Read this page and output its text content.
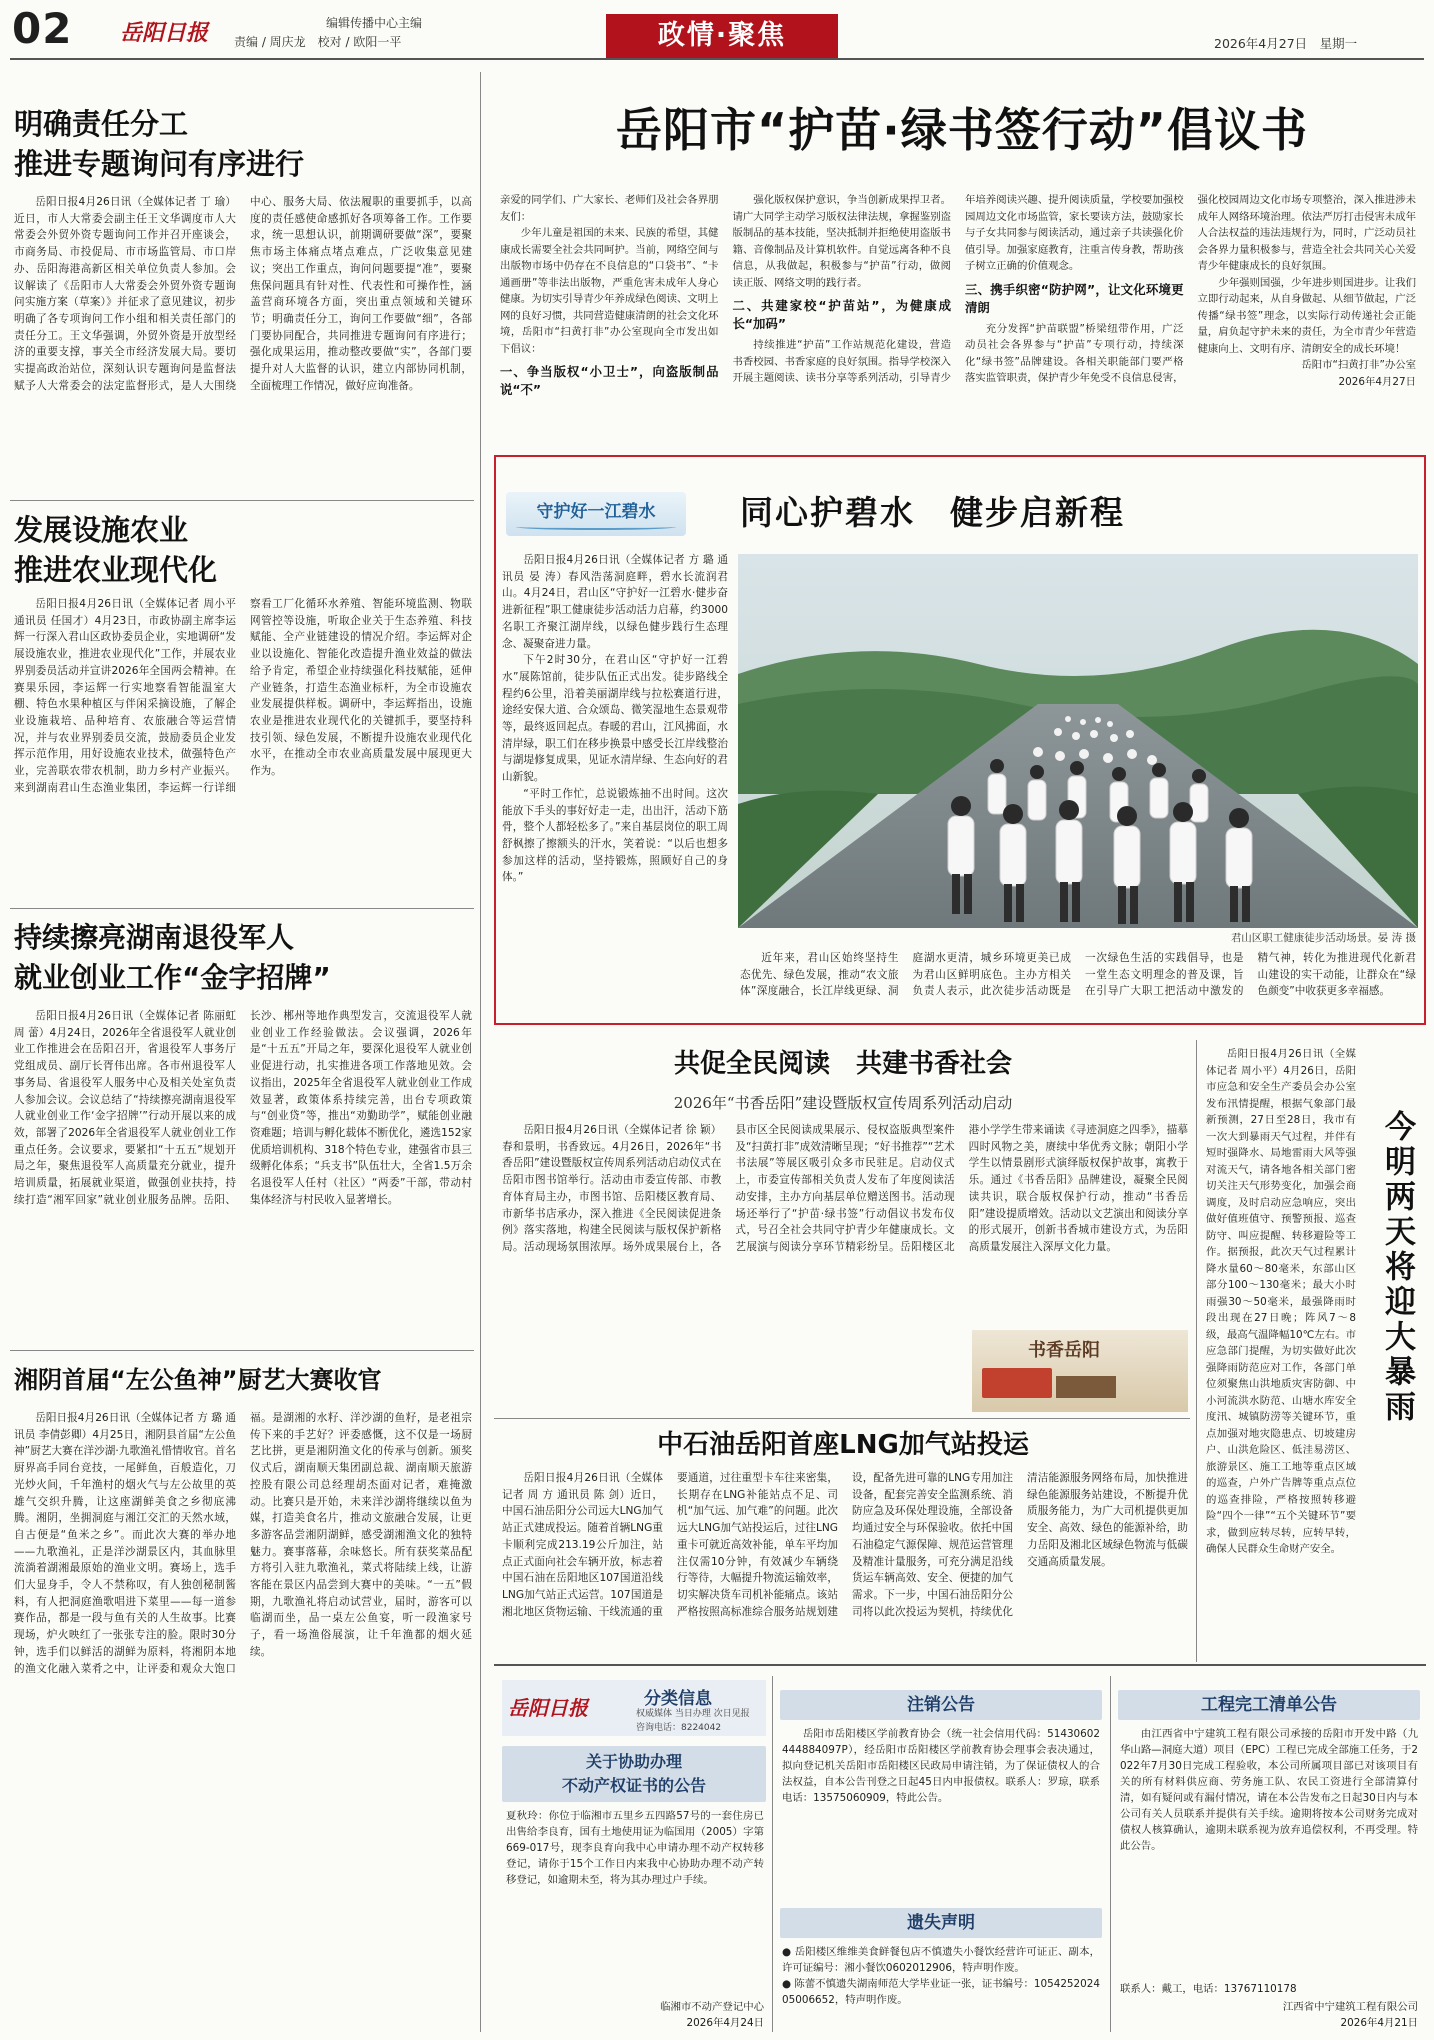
02 岳阳日报	编辑传播中心主编
责编 / 周庆龙　校对 / 欧阳一平	政情·聚焦	2026年4月27日　星期一
明确责任分工
推进专题询问有序进行

岳阳日报4月26日讯（全媒体记者 丁 瑜）近日，市人大常委会副主任王文华调度市人大常委会外贸外资专题询问工作并召开座谈会，市商务局、市投促局、市市场监管局、市口岸办、岳阳海港高新区相关单位负责人参加。会议解读了《岳阳市人大常委会外贸外资专题询问实施方案（草案）》并征求了意见建议，初步明确了各专项询问工作小组和相关责任部门的责任分工。王文华强调，外贸外资是开放型经济的重要支撑，事关全市经济发展大局。要切实提高政治站位，深刻认识专题询问是监督法赋予人大常委会的法定监督形式，是人大围绕中心、服务大局、依法履职的重要抓手，以高度的责任感使命感抓好各项筹备工作。工作要求，统一思想认识，前期调研要做“深”，要聚焦市场主体痛点堵点难点，广泛收集意见建议；突出工作重点，询问问题要提“准”，要聚焦保问题具有针对性、代表性和可操作性，涵盖营商环境各方面，突出重点领域和关键环节；明确责任分工，询问工作要做“细”，各部门要协同配合，共同推进专题询问有序进行；强化成果运用，推动整改要做“实”，各部门要提升对人大监督的认识，建立内部协同机制，全面梳理工作情况，做好应询准备。

发展设施农业
推进农业现代化

岳阳日报4月26日讯（全媒体记者 周小平 通讯员 任国才）4月23日，市政协副主席李运辉一行深入君山区政协委员企业，实地调研“发展设施农业，推进农业现代化”工作，并展农业界别委员活动并宣讲2026年全国两会精神。在赛果乐园，李运辉一行实地察看智能温室大棚、特色水果种植区与伴闲采摘设施，了解企业设施栽培、品种培育、农旅融合等运营情况，并与农业界别委员交流，鼓励委员企业发挥示范作用，用好设施农业技术，做强特色产业，完善联农带农机制，助力乡村产业振兴。来到湖南君山生态渔业集团，李运辉一行详细察看工厂化循环水养殖、智能环境监测、物联网管控等设施，听取企业关于生态养殖、科技赋能、全产业链建设的情况介绍。李运辉对企业以设施化、智能化改造提升渔业效益的做法给予肯定，希望企业持续强化科技赋能，延伸产业链条，打造生态渔业标杆，为全市设施农业发展提供样板。调研中，李运辉指出，设施农业是推进农业现代化的关键抓手，要坚持科技引领、绿色发展，不断提升设施农业现代化水平，在推动全市农业高质量发展中展现更大作为。

持续擦亮湖南退役军人
就业创业工作“金字招牌”

岳阳日报4月26日讯（全媒体记者 陈丽虹 周 蕾）4月24日，2026年全省退役军人就业创业工作推进会在岳阳召开，省退役军人事务厅党组成员、副厅长胥伟出席。各市州退役军人事务局、省退役军人服务中心及相关处室负责人参加会议。会议总结了“持续擦亮湖南退役军人就业创业工作‘金字招牌’”行动开展以来的成效，部署了2026年全省退役军人就业创业工作重点任务。会议要求，要紧扣“十五五”规划开局之年，聚焦退役军人高质量充分就业，提升培训质量，拓展就业渠道，做强创业扶持，持续打造“湘军回家”就业创业服务品牌。岳阳、长沙、郴州等地作典型发言，交流退役军人就业创业工作经验做法。会议强调，2026年是“十五五”开局之年，要深化退役军人就业创业促进行动，扎实推进各项工作落地见效。会议指出，2025年全省退役军人就业创业工作成效显著，政策体系持续完善，出台专项政策与“创业贷”等，推出“劝勤助学”，赋能创业融资难题；培训与孵化载体不断优化，遴选152家优质培训机构、318个特色专业，建强省市县三级孵化体系；“兵支书”队伍壮大，全省1.5万余名退役军人任村（社区）“两委”干部，带动村集体经济与村民收入显著增长。

湘阴首届“左公鱼神”厨艺大赛收官

岳阳日报4月26日讯（全媒体记者 方 璐 通讯员 李倩彭卿）4月25日，湘阴县首届“左公鱼神”厨艺大赛在洋沙湖·九歌渔礼惜情收官。首名厨界高手同台竞技，一尾鲜鱼，百般造化，刀光炒火间，千年渔村的烟火气与左公故里的英雄气交织升腾，让这座湖鲜美食之乡彻底沸腾。湘阴，坐拥洞庭与湘江交汇的天然水域，自古便是“鱼米之乡”。而此次大赛的举办地——九歌渔礼，正是洋沙湖景区内，其血脉里流淌着湖湘最原始的渔业文明。赛场上，选手们大显身手，令人不禁称叹，有人独创秘制酱料，有人把洞庭渔歌唱进下菜里——每一道参赛作品，都是一段与鱼有关的人生故事。比赛现场，炉火映红了一张张专注的脸。限时30分钟，选手们以鲜活的湖鲜为原料，将湘阴本地的渔文化融入菜肴之中，让评委和观众大饱口福。是湖湘的水籽、洋沙湖的鱼籽，是老祖宗传下来的手艺好？评委感慨，这不仅是一场厨艺比拼，更是湘阴渔文化的传承与创新。颁奖仪式后，湖南顺天集团副总裁、湖南顺天旅游控股有限公司总经理胡杰面对记者，难掩激动。比赛只是开始，未来洋沙湖将继续以鱼为媒，打造美食名片，推动文旅融合发展，让更多游客品尝湘阴湖鲜，感受湖湘渔文化的独特魅力。赛事落幕，余味悠长。所有获奖菜品配方将引入驻九歌渔礼，菜式将陆续上线，让游客能在景区内品尝到大赛中的美味。“一五”假期，九歌渔礼将启动试营业，届时，游客可以临湖而坐，品一桌左公鱼宴，听一段渔家号子，看一场渔俗展演，让千年渔都的烟火延续。

岳阳市“护苗·绿书签行动”倡议书

亲爱的同学们、广大家长、老师们及社会各界朋友们：

少年儿童是祖国的未来、民族的希望，其健康成长需要全社会共同呵护。当前，网络空间与出版物市场中仍存在不良信息的“口袋书”、“卡通画册”等非法出版物，严重危害未成年人身心健康。为切实引导青少年养成绿色阅读、文明上网的良好习惯，共同营造健康清朗的社会文化环境，岳阳市“扫黄打非”办公室现向全市发出如下倡议：

一、争当版权“小卫士”，向盗版制品说“不”

强化版权保护意识，争当创新成果捍卫者。请广大同学主动学习版权法律法规，拿握鉴别盗版制品的基本技能，坚决抵制并拒绝使用盗版书籍、音像制品及计算机软件。自觉远离各种不良信息，从我做起，积极参与“护苗”行动，做阅读正版、网络文明的践行者。

二、共建家校“护苗站”，为健康成长“加码”

持续推进“护苗”工作站规范化建设，营造书香校园、书香家庭的良好氛围。指导学校深入开展主题阅读、读书分享等系列活动，引导青少年培养阅读兴趣、提升阅读质量，学校要加强校园周边文化市场监管，家长要读方法，鼓励家长与子女共同参与阅读活动，通过亲子共读强化价值引导。加强家庭教育，注重言传身教，帮助孩子树立正确的价值观念。

三、携手织密“防护网”，让文化环境更清朗

充分发挥“护苗联盟”桥梁纽带作用，广泛动员社会各界参与“护苗”专项行动，持续深化“绿书签”品牌建设。各相关职能部门要严格落实监管职责，保护青少年免受不良信息侵害，强化校园周边文化市场专项整治，深入推进涉未成年人网络环境治理。依法严厉打击侵害未成年人合法权益的违法违规行为，同时，广泛动员社会各界力量积极参与，营造全社会共同关心关爱青少年健康成长的良好氛围。

少年强则国强，少年进步则国进步。让我们立即行动起来，从自身做起、从细节做起，广泛传播“绿书签”理念，以实际行动传递社会正能量，肩负起守护未来的责任，为全市青少年营造健康向上、文明有序、清朗安全的成长环境！

岳阳市“扫黄打非”办公室
2026年4月27日
守护好一江碧水	同心护碧水　健步启新程

岳阳日报4月26日讯（全媒体记者 方 璐 通讯员 晏 涛）春风浩荡洞庭畔，碧水长流润君山。4月24日，君山区“守护好一江碧水·健步奋进新征程”职工健康徒步活动活力启幕，约3000名职工齐聚江湖岸线，以绿色健步践行生态理念、凝聚奋进力量。

下午2时30分，在君山区“守护好一江碧水”展陈馆前，徒步队伍正式出发。徒步路线全程约6公里，沿着美丽湖岸线与拉松赛道行进，途经安保大道、合众颂岛、微笑湿地生态景观带等，最终返回起点。春暖的君山，江风拂面，水清岸绿，职工们在移步换景中感受长江岸线整治与湖堤修复成果，见证水清岸绿、生态向好的君山新貌。

“平时工作忙，总说锻炼抽不出时间。这次能放下手头的事好好走一走，出出汗，活动下筋骨，整个人都轻松多了。”来自基层岗位的职工周舒枫擦了擦额头的汗水，笑着说：“以后也想多参加这样的活动，坚持锻炼，照顾好自己的身体。”

君山区职工健康徒步活动场景。晏 涛 摄

近年来，君山区始终坚持生态优先、绿色发展，推动“农文旅体”深度融合，长江岸线更绿、洞庭湖水更清，城乡环境更美已成为君山区鲜明底色。主办方相关负责人表示，此次徒步活动既是一次绿色生活的实践倡导，也是一堂生态文明理念的普及课，旨在引导广大职工把活动中激发的精气神，转化为推进现代化新君山建设的实干动能，让群众在“绿色颜变”中收获更多幸福感。

共促全民阅读　共建书香社会
2026年“书香岳阳”建设暨版权宣传周系列活动启动

岳阳日报4月26日讯（全媒体记者 徐 颖）春和景明，书香致远。4月26日，2026年“书香岳阳”建设暨版权宣传周系列活动启动仪式在岳阳市图书馆举行。活动由市委宣传部、市教育体育局主办，市图书馆、岳阳楼区教育局、市新华书店承办，深入推进《全民阅读促进条例》落实落地，构建全民阅读与版权保护新格局。活动现场氛围浓厚。场外成果展台上，各县市区全民阅读成果展示、侵权盗版典型案件及“扫黄打非”成效清晰呈现；“好书推荐”“艺术书法展”等展区吸引众多市民驻足。启动仪式上，市委宣传部相关负责人发布了年度阅读活动安排，主办方向基层单位赠送图书。活动现场还举行了“护苗·绿书签”行动倡议书发布仪式，号召全社会共同守护青少年健康成长。文艺展演与阅读分享环节精彩纷呈。岳阳楼区北港小学学生带来诵读《寻迹洞庭之四季》，描摹四时风物之美，赓续中华优秀文脉；朝阳小学学生以情景剧形式演绎版权保护故事，寓教于乐。通过《书香岳阳》品牌建设，凝聚全民阅读共识，联合版权保护行动，推动“书香岳阳”建设提质增效。活动以文艺演出和阅读分享的形式展开，创新书香城市建设方式，为岳阳高质量发展注入深厚文化力量。

书香岳阳

岳阳日报4月26日讯（全媒体记者 周小平）4月26日，岳阳市应急和安全生产委员会办公室发布汛情提醒，根据气象部门最新预测，27日至28日，我市有一次大到暴雨天气过程，并伴有短时强降水、局地雷雨大风等强对流天气，请各地各相关部门密切关注天气形势变化，加强会商调度，及时启动应急响应，突出做好值班值守、预警预报、巡查防守、叫应提醒、转移避险等工作。据预报，此次天气过程累计降水量60～80毫米，东部山区部分100～130毫米；最大小时雨强30～50毫米，最强降雨时段出现在27日晚；阵风7～8级，最高气温降幅10℃左右。市应急部门提醒，为切实做好此次强降雨防范应对工作，各部门单位须聚焦山洪地质灾害防御、中小河流洪水防范、山塘水库安全度汛、城镇防涝等关键环节，重点加强对地灾隐患点、切坡建房户、山洪危险区、低洼易涝区、旅游景区、施工工地等重点区域的巡查，户外广告牌等重点点位的巡查排险，严格按照转移避险“四个一律”“五个关键环节”要求，做到应转尽转，应转早转，确保人民群众生命财产安全。

今明两天将迎大暴雨
中石油岳阳首座LNG加气站投运

岳阳日报4月26日讯（全媒体记者 周 方 通讯员 陈 剑）近日，中国石油岳阳分公司远大LNG加气站正式建成投运。随着首辆LNG重卡顺利完成213.19公斤加注，站点正式面向社会车辆开放，标志着中国石油在岳阳地区107国道沿线LNG加气站正式运营。107国道是湘北地区货物运输、干线流通的重要通道，过往重型卡车往来密集，长期存在LNG补能站点不足、司机“加气远、加气难”的问题。此次远大LNG加气站投运后，过往LNG重卡可就近高效补能，单车平均加注仅需10分钟，有效减少车辆绕行等待，大幅提升物流运输效率，切实解决货车司机补能痛点。该站严格按照高标准综合服务站规划建设，配备先进可靠的LNG专用加注设备，配套完善安全监测系统、消防应急及环保处理设施，全部设备均通过安全与环保验收。依托中国石油稳定气源保障、规范运营管理及精准计量服务，可充分满足沿线货运车辆高效、安全、便捷的加气需求。下一步，中国石油岳阳分公司将以此次投运为契机，持续优化清洁能源服务网络布局，加快推进绿色能源服务站建设，不断提升优质服务能力，为广大司机提供更加安全、高效、绿色的能源补给，助力岳阳及湘北区域绿色物流与低碳交通高质量发展。

岳阳日报	分类信息
权威媒体 当日办理 次日见报
咨询电话：8224042
关于协助办理
不动产权证书的公告

夏秋玲：你位于临湘市五里乡五四路57号的一套住房已出售给李良育，国有土地使用证为临国用（2005）字第669-017号，现李良育向我中心申请办理不动产权转移登记，请你于15个工作日内来我中心协助办理不动产转移登记，如逾期未至，将为其办理过户手续。

临湘市不动产登记中心
2026年4月24日
注销公告

岳阳市岳阳楼区学前教育协会（统一社会信用代码：51430602444884097P），经岳阳市岳阳楼区学前教育协会理事会表决通过，拟向登记机关岳阳市岳阳楼区民政局申请注销，为了保证债权人的合法权益，自本公告刊登之日起45日内申报债权。联系人：罗琼，联系电话：13575060909，特此公告。

遗失声明

● 岳阳楼区维维美食鲜餐包店不慎遗失小餐饮经营许可证正、副本，许可证编号：湘小餐饮0602012906，特声明作废。

● 陈蕾不慎遗失湖南师范大学毕业证一张，证书编号：105425202405006652，特声明作废。

工程完工清单公告

由江西省中宁建筑工程有限公司承接的岳阳市开发中路（九华山路—洞庭大道）项目（EPC）工程已完成全部施工任务，于2022年7月30日完成工程验收，本公司所属项目部已对该项目有关的所有材料供应商、劳务施工队、农民工资进行全部清算付清，如有疑问或有漏付情况，请在本公告发布之日起30日内与本公司有关人员联系并提供有关手续。逾期将按本公司财务完成对债权人核算确认，逾期未联系视为放弃追偿权利，不再受理。特此公告。

联系人：戴工，电话：13767110178
江西省中宁建筑工程有限公司
2026年4月21日
